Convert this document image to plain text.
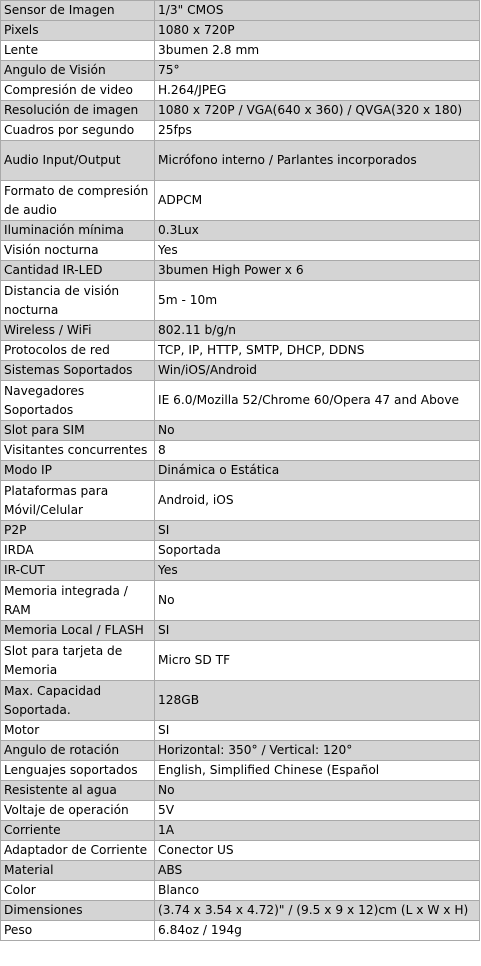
Sensor de Imagen	1/3" CMOS
Pixels	1080 x 720P
Lente	3bumen 2.8 mm
Angulo de Visión	75°
Compresión de video	H.264/JPEG
Resolución de imagen	1080 x 720P / VGA(640 x 360) / QVGA(320 x 180)
Cuadros por segundo	25fps
Audio Input/Output	Micrófono interno / Parlantes incorporados
Formato de compresión de audio	ADPCM
Iluminación mínima	0.3Lux
Visión nocturna	Yes
Cantidad IR-LED	3bumen High Power x 6
Distancia de visión nocturna	5m - 10m
Wireless / WiFi	802.11 b/g/n
Protocolos de red	TCP, IP, HTTP, SMTP, DHCP, DDNS
Sistemas Soportados	Win/iOS/Android
Navegadores Soportados	IE 6.0/Mozilla 52/Chrome 60/Opera 47 and Above
Slot para SIM	No
Visitantes concurrentes	8
Modo IP	Dinámica o Estática
Plataformas para Móvil/Celular	Android, iOS
P2P	SI
IRDA	Soportada
IR-CUT	Yes
Memoria integrada / RAM	No
Memoria Local / FLASH	SI
Slot para tarjeta de Memoria	Micro SD TF
Max. Capacidad Soportada.	128GB
Motor	SI
Angulo de rotación	Horizontal: 350° / Vertical: 120°
Lenguajes soportados	English, Simplified Chinese (Español
Resistente al agua	No
Voltaje de operación	5V
Corriente	1A
Adaptador de Corriente	Conector US
Material	ABS
Color	Blanco
Dimensiones	(3.74 x 3.54 x 4.72)" / (9.5 x 9 x 12)cm (L x W x H)
Peso	6.84oz / 194g
